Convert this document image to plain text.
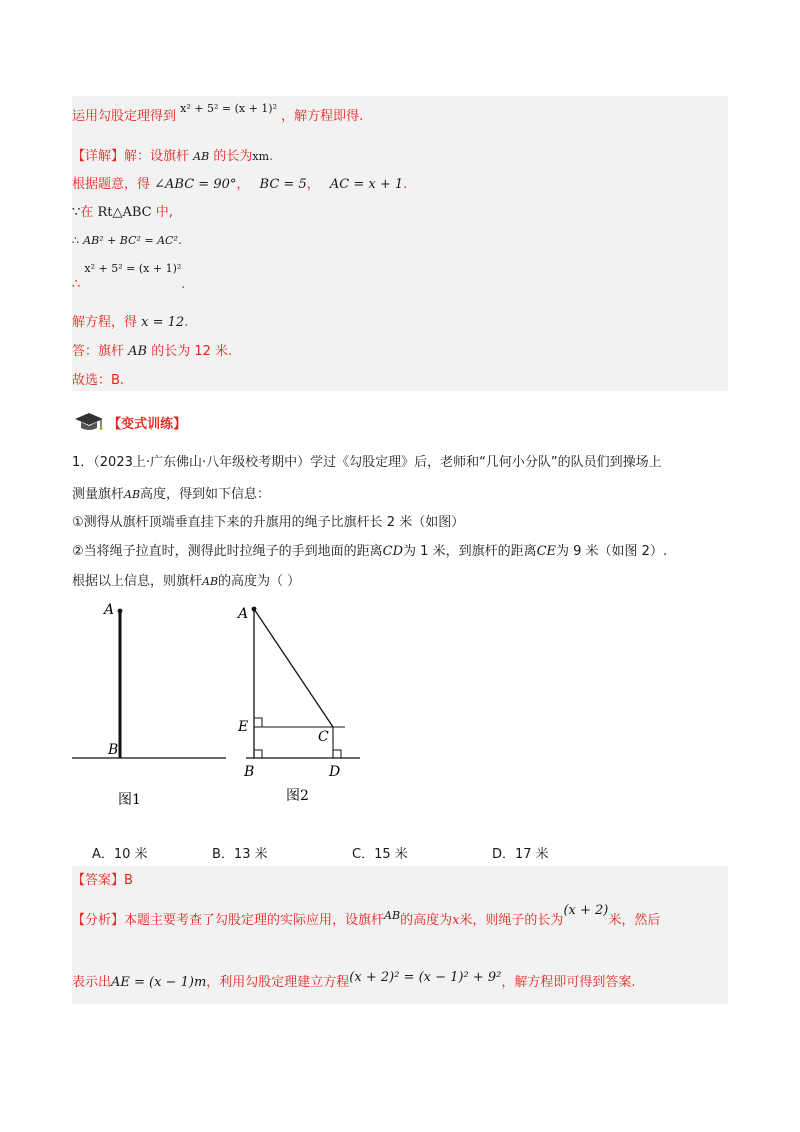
运用勾股定理得到 $^{x^2 + 5^2 = (x + 1)^2}$ ，解方程即得.
【详解】解：设旗杆 AB 的长为xm.
根据题意，得 ∠ABC = 90°， BC = 5， AC = x + 1.
∵在 Rt△ABC 中,
∴ AB² + BC² = AC².
∴ x² + 5² = (x + 1)².
解方程，得 x = 12.
答：旗杆 AB 的长为 12 米.
故选：B.
【变式训练】
1．（2023上·广东佛山·八年级校考期中）学过《勾股定理》后，老师和“几何小分队”的队员们到操场上
测量旗杆AB高度，得到如下信息：
①测得从旗杆顶端垂直挂下来的升旗用的绳子比旗杆长 2 米（如图）
②当将绳子拉直时，测得此时拉绳子的手到地面的距离CD为 1 米，到旗杆的距离CE为 9 米（如图 2）.
根据以上信息，则旗杆AB的高度为（ ）
A
B
图1
A
E
C
B	D
图2
A．10 米	B．13 米	C．15 米	D．17 米
【答案】B
【分析】本题主要考查了勾股定理的实际应用，设旗杆$^{AB}$的高度为x米，则绳子的长为(x + 2)米，然后
表示出AE = (x − 1)m，利用勾股定理建立方程(x + 2)² = (x − 1)² + 9²，解方程即可得到答案.
